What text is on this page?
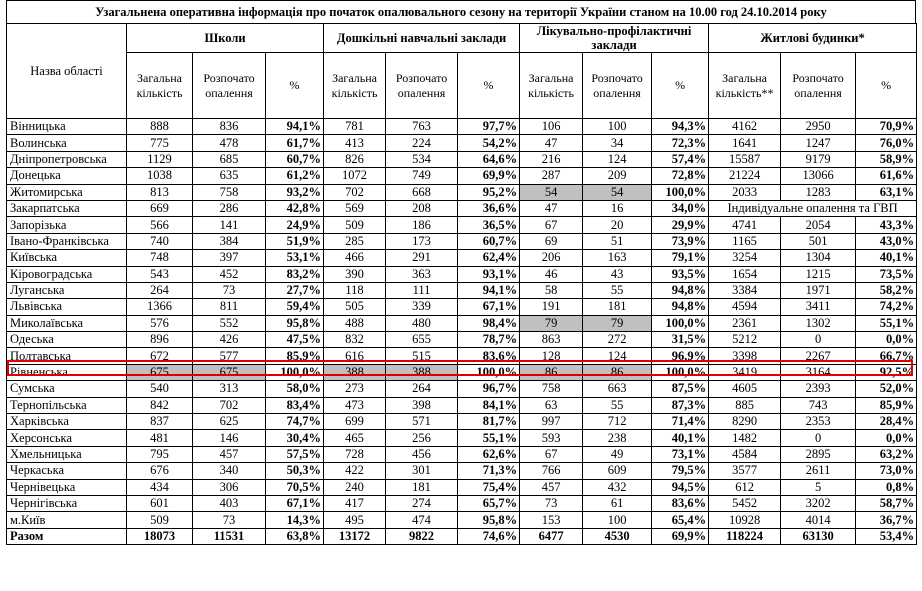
Узагальнена оперативна інформація про початок опалювального сезону на території України станом на 10.00 год 24.10.2014 року
Назва області	Школи			Дошкільні навчальні заклади			Лікувально-профілактичні заклади			Житлові будинки*		
	Загальна кількість	Розпочато опалення	%	Загальна кількість	Розпочато опалення	%	Загальна кількість	Розпочато опалення	%	Загальна кількість**	Розпочато опалення	%
Вінницька	888	836	94,1%	781	763	97,7%	106	100	94,3%	4162	2950	70,9%
Волинська	775	478	61,7%	413	224	54,2%	47	34	72,3%	1641	1247	76,0%
Дніпропетровська	1129	685	60,7%	826	534	64,6%	216	124	57,4%	15587	9179	58,9%
Донецька	1038	635	61,2%	1072	749	69,9%	287	209	72,8%	21224	13066	61,6%
Житомирська	813	758	93,2%	702	668	95,2%	54	54	100,0%	2033	1283	63,1%
Закарпатська	669	286	42,8%	569	208	36,6%	47	16	34,0%	Індивідуальне опалення та ГВП		
Запорізька	566	141	24,9%	509	186	36,5%	67	20	29,9%	4741	2054	43,3%
Івано-Франківська	740	384	51,9%	285	173	60,7%	69	51	73,9%	1165	501	43,0%
Київська	748	397	53,1%	466	291	62,4%	206	163	79,1%	3254	1304	40,1%
Кіровоградська	543	452	83,2%	390	363	93,1%	46	43	93,5%	1654	1215	73,5%
Луганська	264	73	27,7%	118	111	94,1%	58	55	94,8%	3384	1971	58,2%
Львівська	1366	811	59,4%	505	339	67,1%	191	181	94,8%	4594	3411	74,2%
Миколаївська	576	552	95,8%	488	480	98,4%	79	79	100,0%	2361	1302	55,1%
Одеська	896	426	47,5%	832	655	78,7%	863	272	31,5%	5212	0	0,0%
Полтавська	672	577	85,9%	616	515	83,6%	128	124	96,9%	3398	2267	66,7%
Рівненська	675	675	100,0%	388	388	100,0%	86	86	100,0%	3419	3164	92,5%
Сумська	540	313	58,0%	273	264	96,7%	758	663	87,5%	4605	2393	52,0%
Тернопільська	842	702	83,4%	473	398	84,1%	63	55	87,3%	885	743	85,9%
Харківська	837	625	74,7%	699	571	81,7%	997	712	71,4%	8290	2353	28,4%
Херсонська	481	146	30,4%	465	256	55,1%	593	238	40,1%	1482	0	0,0%
Хмельницька	795	457	57,5%	728	456	62,6%	67	49	73,1%	4584	2895	63,2%
Черкаська	676	340	50,3%	422	301	71,3%	766	609	79,5%	3577	2611	73,0%
Чернівецька	434	306	70,5%	240	181	75,4%	457	432	94,5%	612	5	0,8%
Чернігівська	601	403	67,1%	417	274	65,7%	73	61	83,6%	5452	3202	58,7%
м.Київ	509	73	14,3%	495	474	95,8%	153	100	65,4%	10928	4014	36,7%
Разом	18073	11531	63,8%	13172	9822	74,6%	6477	4530	69,9%	118224	63130	53,4%
